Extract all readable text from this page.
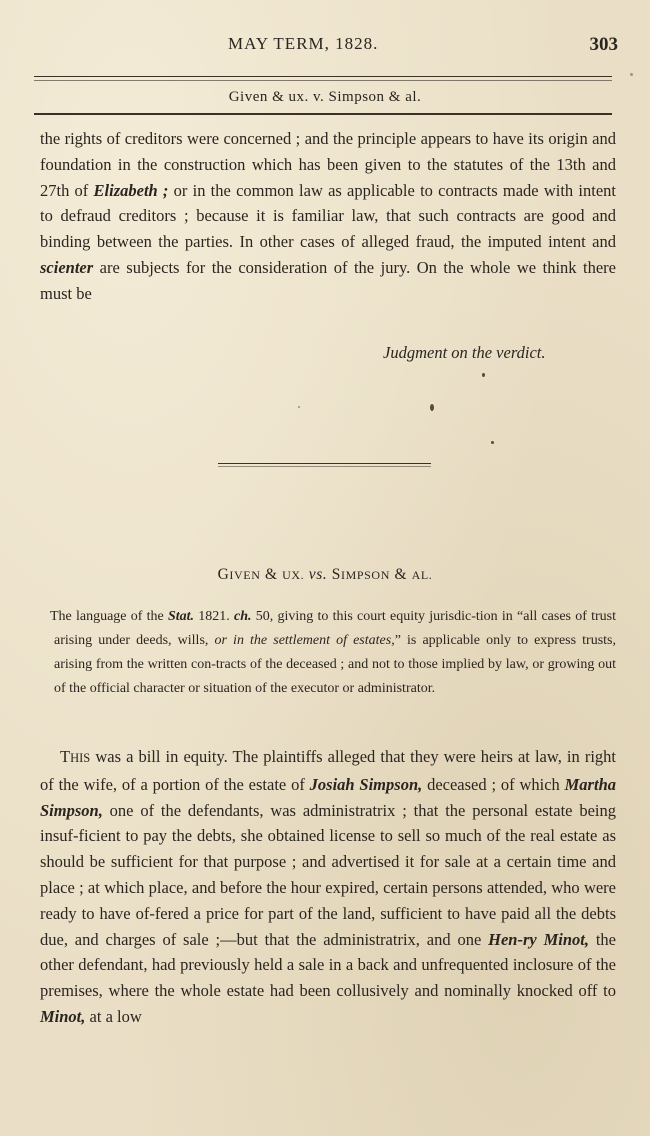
MAY TERM, 1828.	303
Given & ux. v. Simpson & al.

the rights of creditors were concerned ; and the principle appears to have its origin and foundation in the construction which has been given to the statutes of the 13th and 27th of Elizabeth ; or in the common law as applicable to contracts made with intent to defraud creditors ; because it is familiar law, that such contracts are good and binding between the parties. In other cases of alleged fraud, the imputed intent and scienter are subjects for the consideration of the jury. On the whole we think there must be

Judgment on the verdict.
GIVEN & UX. vs. SIMPSON & AL.

The language of the Stat. 1821. ch. 50, giving to this court equity jurisdic-tion in “all cases of trust arising under deeds, wills, or in the settlement of estates,” is applicable only to express trusts, arising from the written con-tracts of the deceased ; and not to those implied by law, or growing out of the official character or situation of the executor or administrator.

THIS was a bill in equity. The plaintiffs alleged that they were heirs at law, in right of the wife, of a portion of the estate of Josiah Simpson, deceased ; of which Martha Simpson, one of the defendants, was administratrix ; that the personal estate being insuf-ficient to pay the debts, she obtained license to sell so much of the real estate as should be sufficient for that purpose ; and advertised it for sale at a certain time and place ; at which place, and before the hour expired, certain persons attended, who were ready to have of-fered a price for part of the land, sufficient to have paid all the debts due, and charges of sale ;—but that the administratrix, and one Hen-ry Minot, the other defendant, had previously held a sale in a back and unfrequented inclosure of the premises, where the whole estate had been collusively and nominally knocked off to Minot, at a low
